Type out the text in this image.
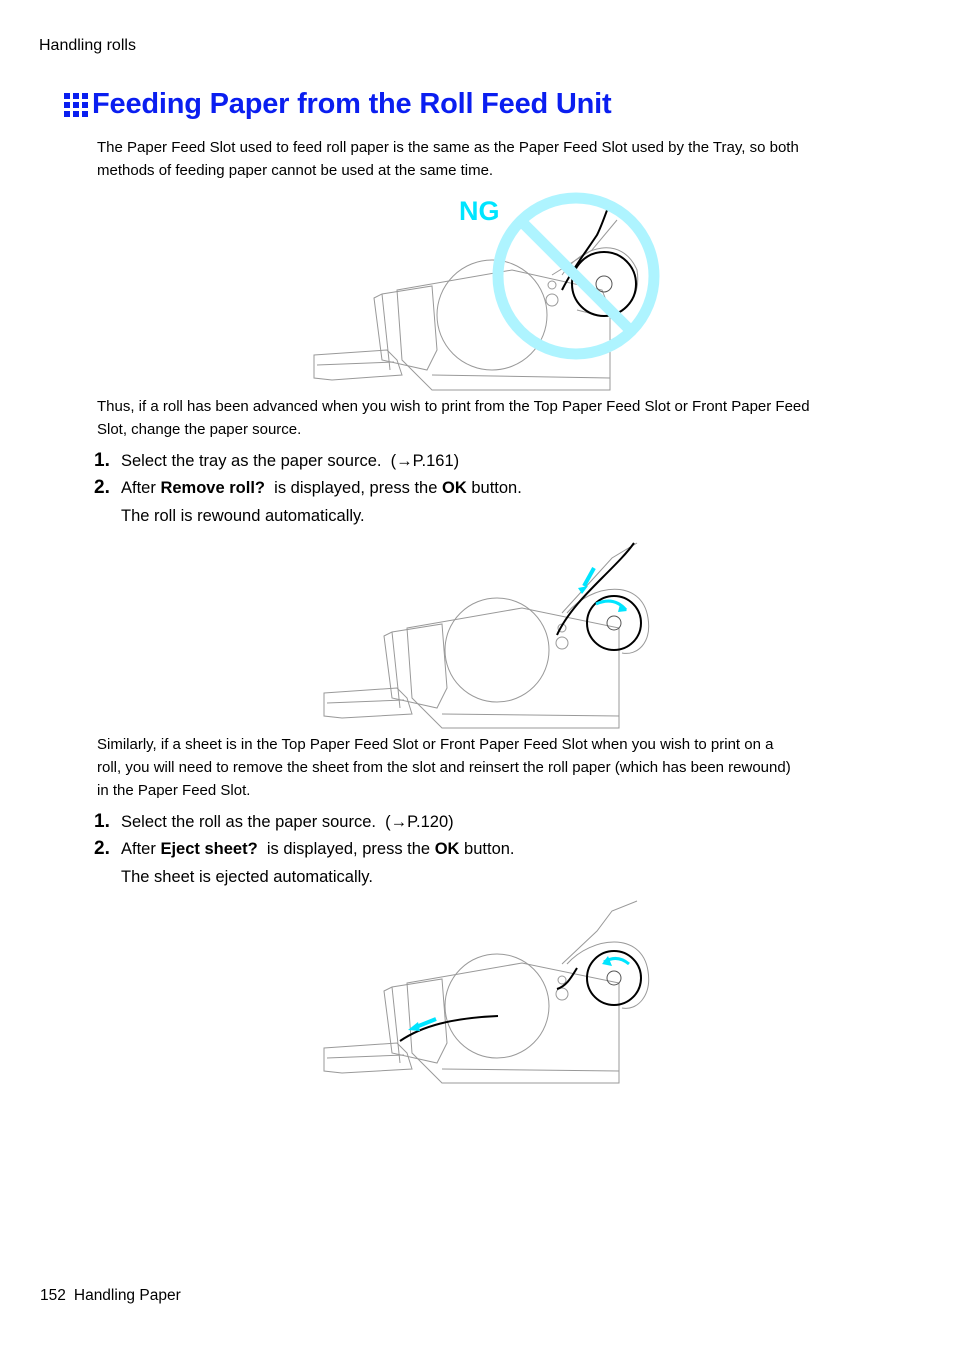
Handling rolls
Feeding Paper from the Roll Feed Unit
The Paper Feed Slot used to feed roll paper is the same as the Paper Feed Slot used by the Tray, so both
methods of feeding paper cannot be used at the same time.
NG
Thus, if a roll has been advanced when you wish to print from the Top Paper Feed Slot or Front Paper Feed
Slot, change the paper source.
1. Select the tray as the paper source.
(→P.161)
2. After
Remove roll?
is displayed, press the
OK
button.
The roll is rewound automatically.
Similarly, if a sheet is in the Top Paper Feed Slot or Front Paper Feed Slot when you wish to print on a
roll, you will need to remove the sheet from the slot and reinsert the roll paper (which has been rewound)
in the Paper Feed Slot.
1. Select the roll as the paper source.
(→P.120)
2. After
Eject sheet?
is displayed, press the
OK
button.
The sheet is ejected automatically.
152 Handling Paper
